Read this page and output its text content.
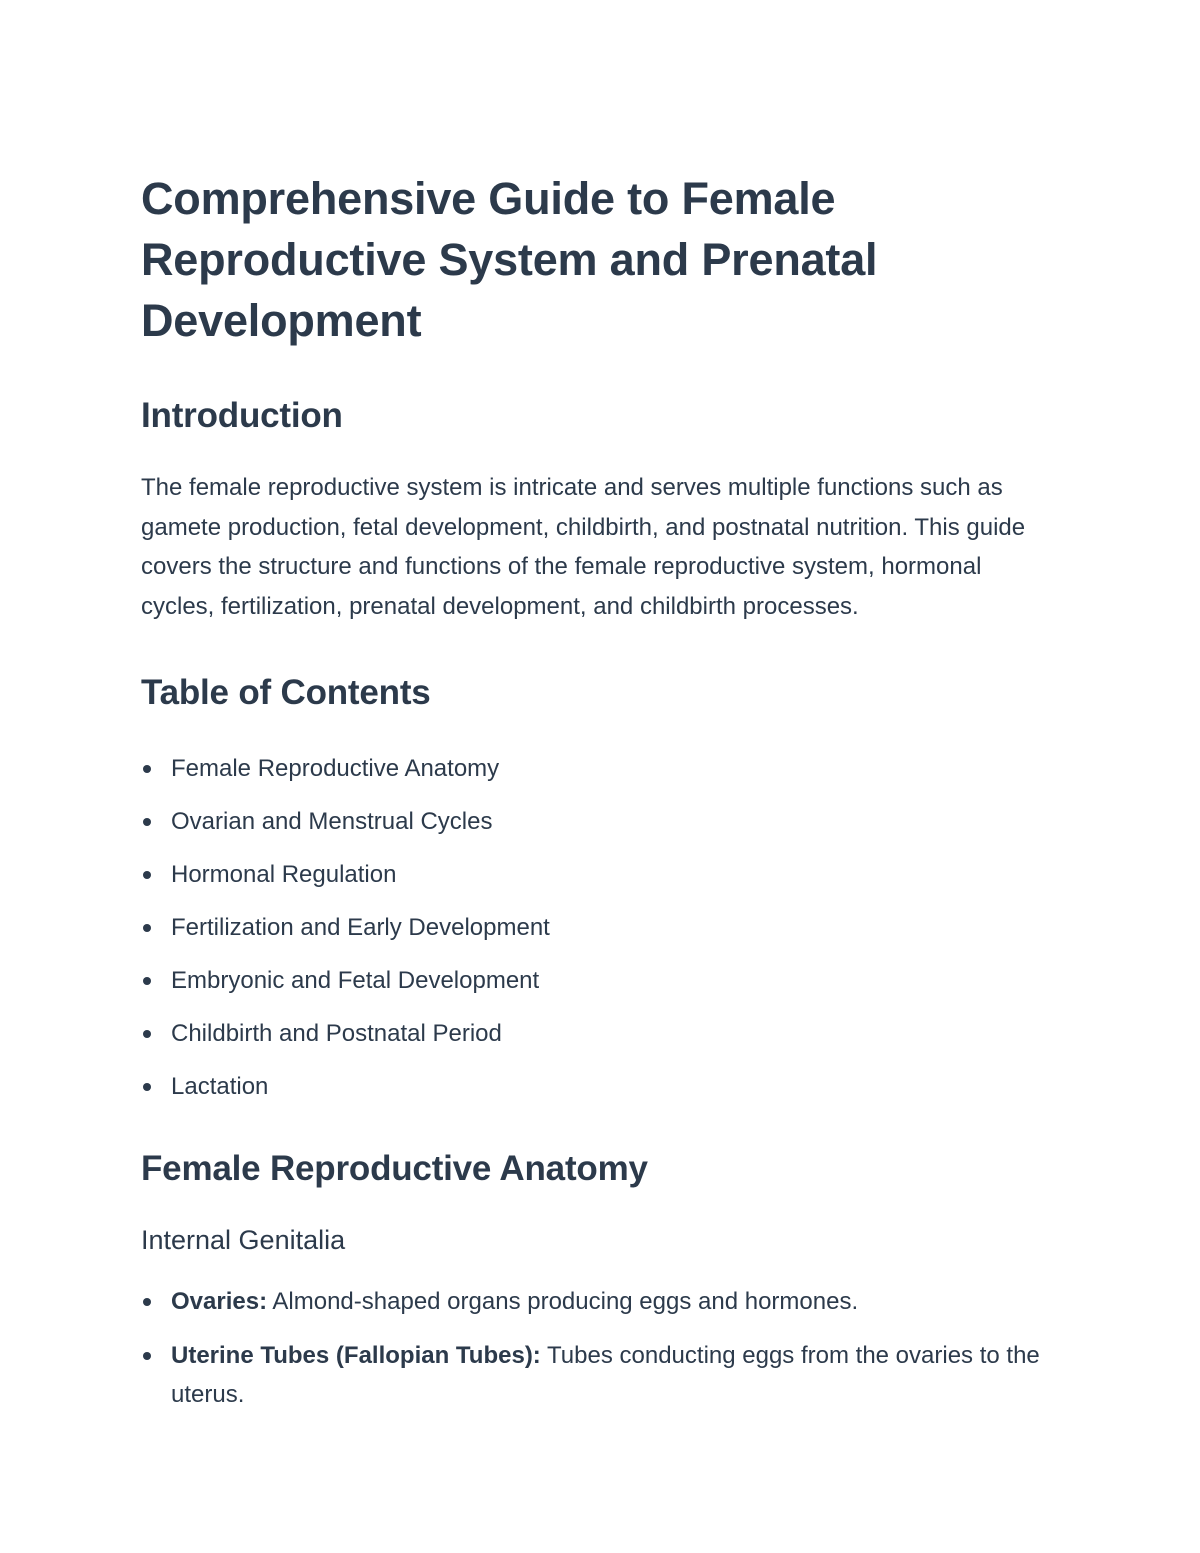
Comprehensive Guide to Female Reproductive System and Prenatal Development
Introduction

The female reproductive system is intricate and serves multiple functions such as gamete production, fetal development, childbirth, and postnatal nutrition. This guide covers the structure and functions of the female reproductive system, hormonal cycles, fertilization, prenatal development, and childbirth processes.

Table of Contents
Female Reproductive Anatomy
Ovarian and Menstrual Cycles
Hormonal Regulation
Fertilization and Early Development
Embryonic and Fetal Development
Childbirth and Postnatal Period
Lactation
Female Reproductive Anatomy
Internal Genitalia
Ovaries: Almond-shaped organs producing eggs and hormones.
Uterine Tubes (Fallopian Tubes): Tubes conducting eggs from the ovaries to the uterus.
